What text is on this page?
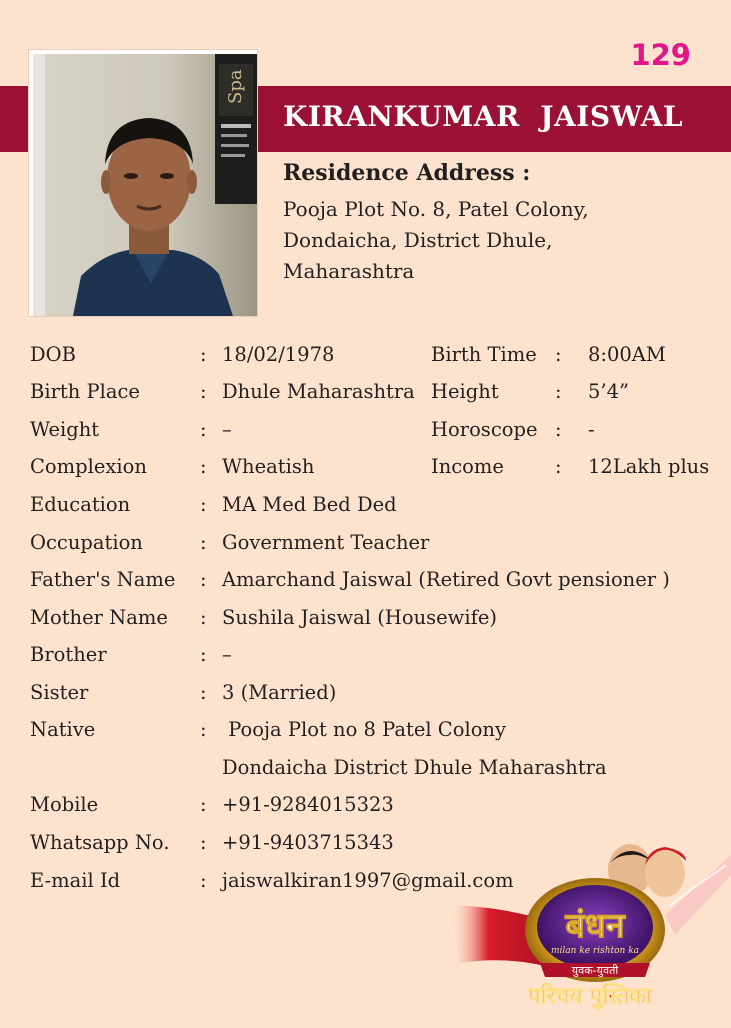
129
KIRANKUMAR  JAISWAL
Spa
Residence Address :
Pooja Plot No. 8, Patel Colony,
Dondaicha, District Dhule,
Maharashtra
DOB	: 18/02/1978	Birth Time : 8:00AM
Birth Place	: Dhule Maharashtra Height	: 5’4”
Weight	: –	Horoscope : -
Complexion	: Wheatish	Income	: 12Lakh plus
Education	: MA Med Bed Ded
Occupation	: Government Teacher
Father's Name : Amarchand Jaiswal (Retired Govt pensioner )
Mother Name : Sushila Jaiswal (Housewife)
Brother	: –
Sister	: 3 (Married)
Native	: Pooja Plot no 8 Patel Colony
Dondaicha District Dhule Maharashtra
Mobile	: +91-9284015323
Whatsapp No. : +91-9403715343
E-mail Id	: jaiswalkiran1997@gmail.com
बंधन
milan ke rishton ka
युवक-युवती
परिचय पुस्तिका
